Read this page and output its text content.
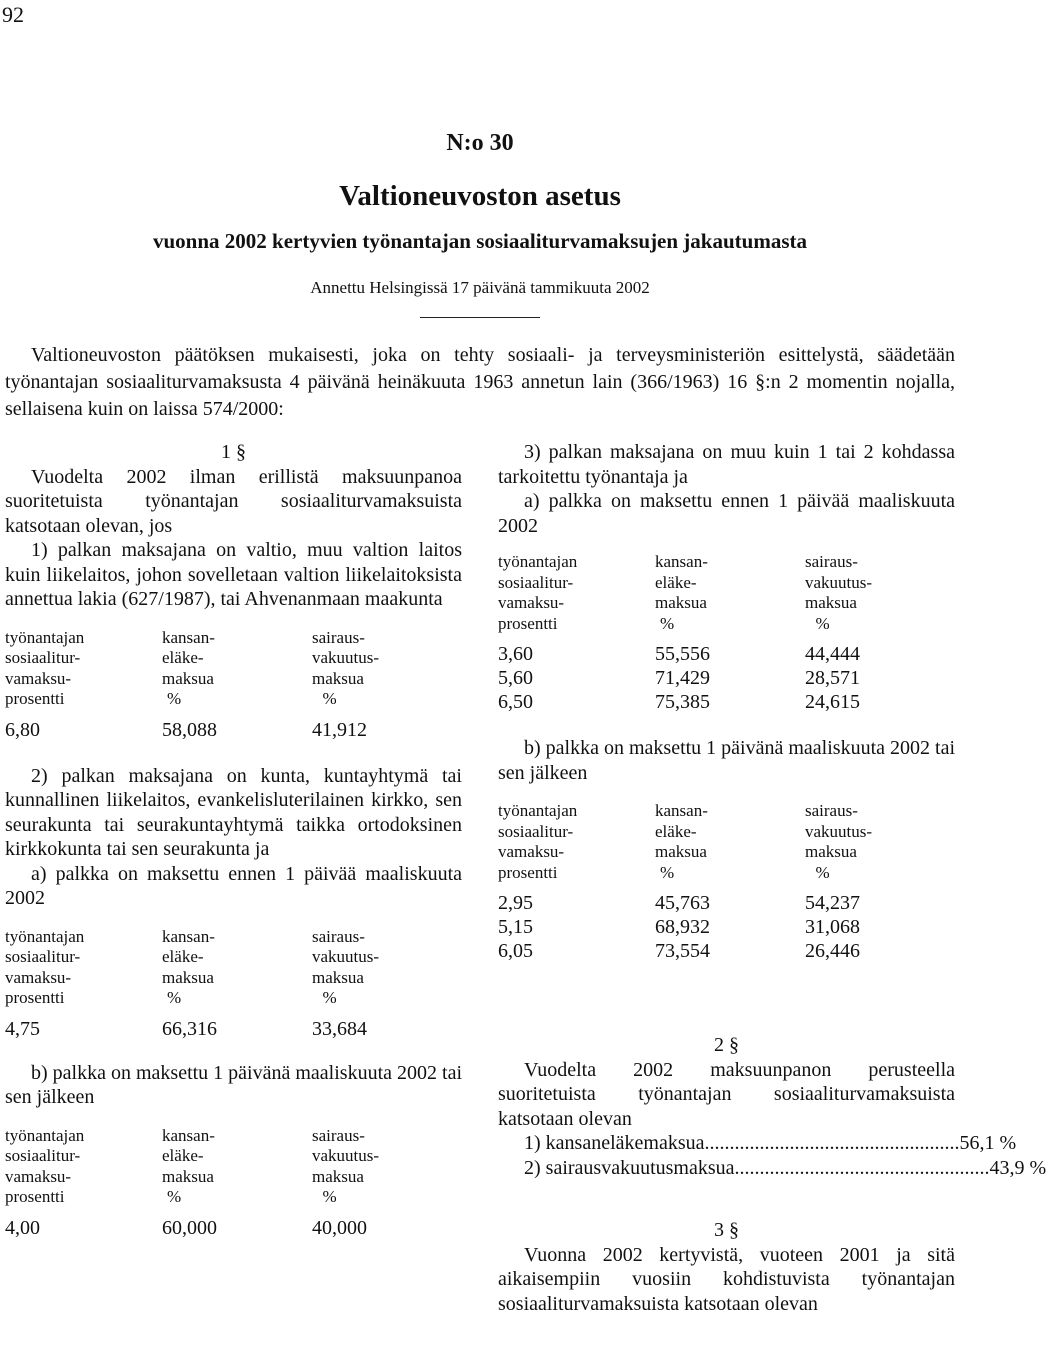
92
N:o 30
Valtioneuvoston asetus
vuonna 2002 kertyvien työnantajan sosiaaliturvamaksujen jakautumasta
Annettu Helsingissä 17 päivänä tammikuuta 2002

Valtioneuvoston päätöksen mukaisesti, joka on tehty sosiaali- ja terveysministeriön esittelystä, säädetään työnantajan sosiaaliturvamaksusta 4 päivänä heinäkuuta 1963 annetun lain (366/1963) 16 §:n 2 momentin nojalla, sellaisena kuin on laissa 574/2000:

1 §

Vuodelta 2002 ilman erillistä maksuunpanoa suoritetuista työnantajan sosiaaliturvamaksuista katsotaan olevan, jos

1) palkan maksajana on valtio, muu valtion laitos kuin liikelaitos, johon sovelletaan valtion liikelaitoksista annettua lakia (627/1987), tai Ahvenanmaan maakunta

työnantajan	kansan-	sairaus-
sosiaalitur-	eläke-	vakuutus-
vamaksu-	maksua	maksua
prosentti	%	%
6,80	58,088	41,912

2) palkan maksajana on kunta, kuntayhtymä tai kunnallinen liikelaitos, evankelisluterilainen kirkko, sen seurakunta tai seurakuntayhtymä taikka ortodoksinen kirkkokunta tai sen seurakunta ja

a) palkka on maksettu ennen 1 päivää maaliskuuta 2002

työnantajan	kansan-	sairaus-
sosiaalitur-	eläke-	vakuutus-
vamaksu-	maksua	maksua
prosentti	%	%
4,75	66,316	33,684

b) palkka on maksettu 1 päivänä maaliskuuta 2002 tai sen jälkeen

työnantajan	kansan-	sairaus-
sosiaalitur-	eläke-	vakuutus-
vamaksu-	maksua	maksua
prosentti	%	%
4,00	60,000	40,000

3) palkan maksajana on muu kuin 1 tai 2 kohdassa tarkoitettu työnantaja ja

a) palkka on maksettu ennen 1 päivää maaliskuuta 2002

työnantajan	kansan-	sairaus-
sosiaalitur-	eläke-	vakuutus-
vamaksu-	maksua	maksua
prosentti	%	%
3,60	55,556	44,444
5,60	71,429	28,571
6,50	75,385	24,615

b) palkka on maksettu 1 päivänä maaliskuuta 2002 tai sen jälkeen

työnantajan	kansan-	sairaus-
sosiaalitur-	eläke-	vakuutus-
vamaksu-	maksua	maksua
prosentti	%	%
2,95	45,763	54,237
5,15	68,932	31,068
6,05	73,554	26,446

2 §

Vuodelta 2002 maksuunpanon perusteella suoritetuista työnantajan sosiaaliturvamaksuista katsotaan olevan

1) kansaneläkemaksua ................................................... 56,1 %
2) sairausvakuutusmaksua ................................................... 43,9 %

3 §

Vuonna 2002 kertyvistä, vuoteen 2001 ja sitä aikaisempiin vuosiin kohdistuvista työnantajan sosiaaliturvamaksuista katsotaan olevan
